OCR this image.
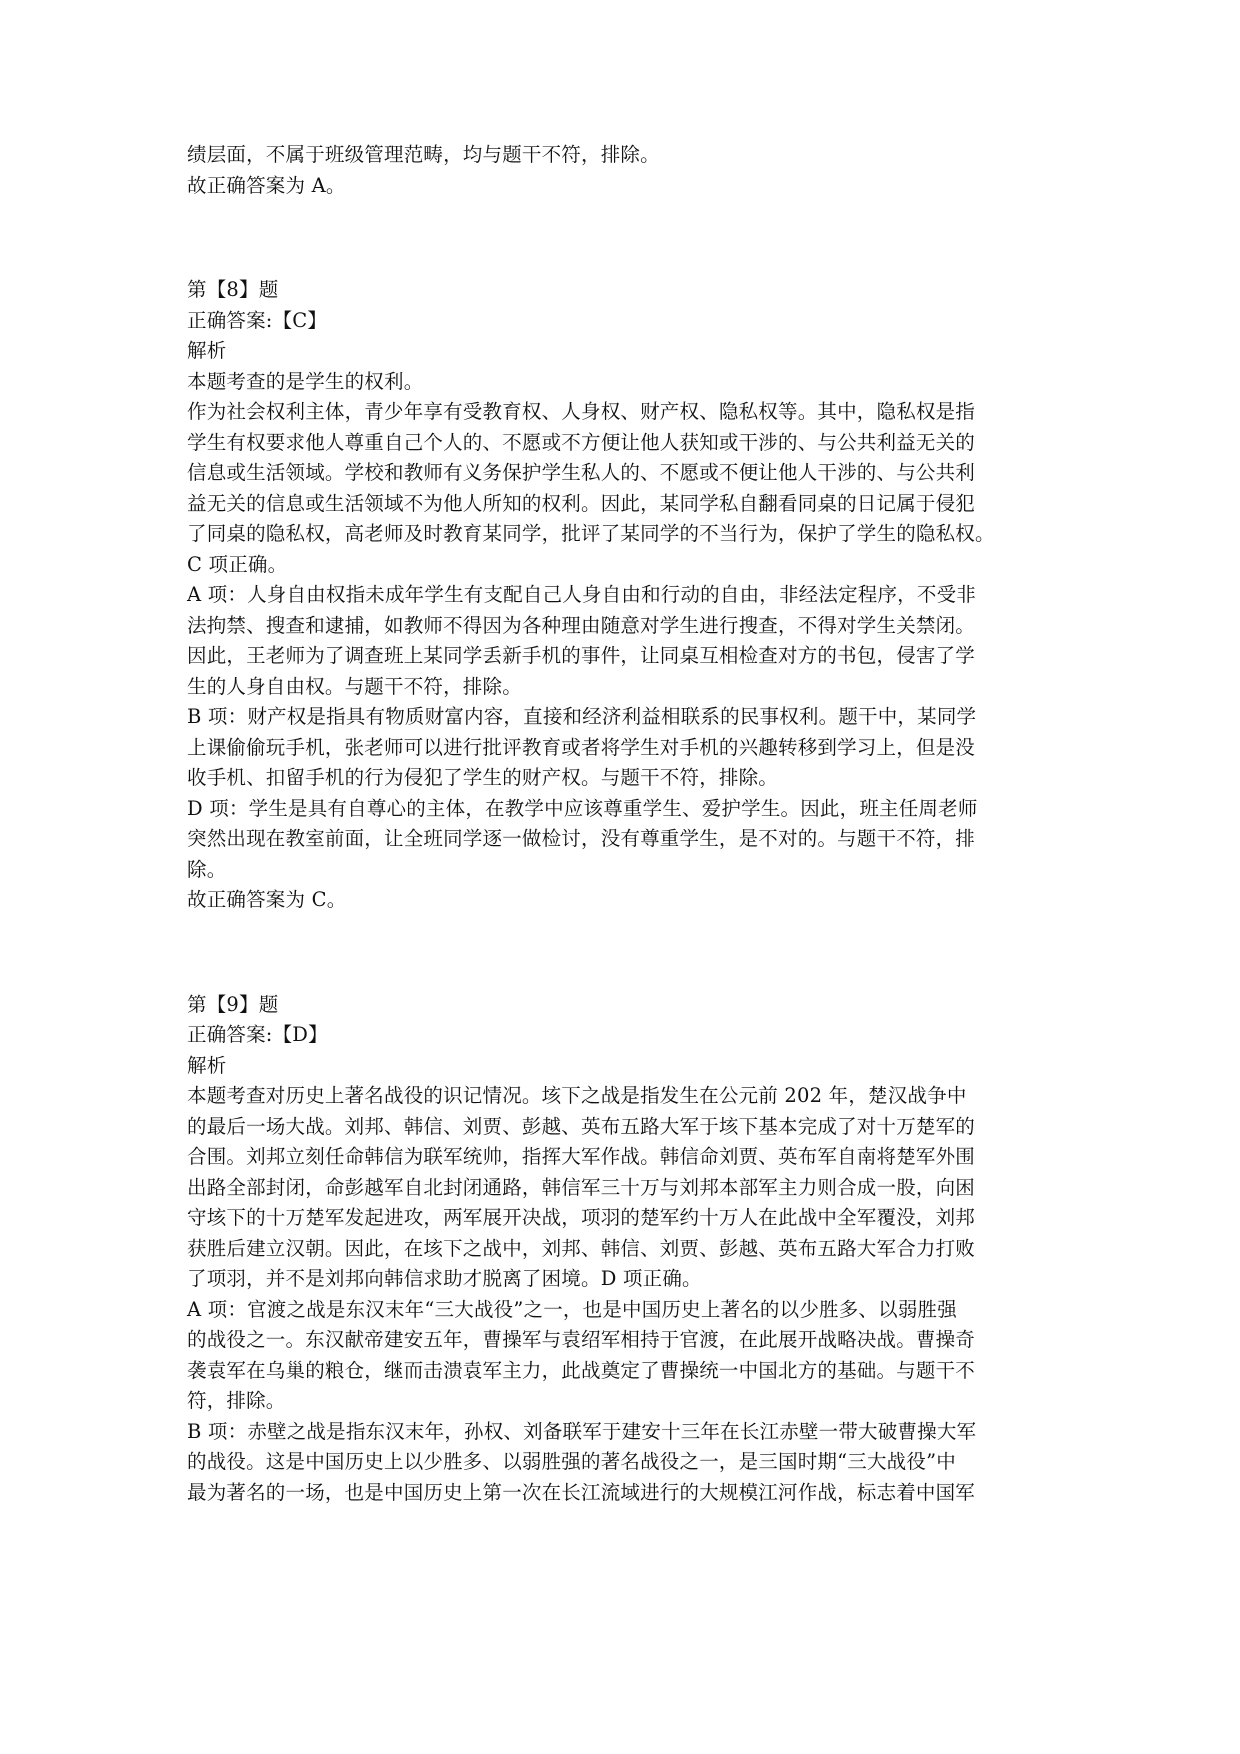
绩层面，不属于班级管理范畴，均与题干不符，排除。
故正确答案为 A。
第【8】题
正确答案:【C】
解析
本题考查的是学生的权利。
作为社会权利主体，青少年享有受教育权、人身权、财产权、隐私权等。其中，隐私权是指
学生有权要求他人尊重自己个人的、不愿或不方便让他人获知或干涉的、与公共利益无关的
信息或生活领域。学校和教师有义务保护学生私人的、不愿或不便让他人干涉的、与公共利
益无关的信息或生活领域不为他人所知的权利。因此，某同学私自翻看同桌的日记属于侵犯
了同桌的隐私权，高老师及时教育某同学，批评了某同学的不当行为，保护了学生的隐私权。
C 项正确。
A 项：人身自由权指未成年学生有支配自己人身自由和行动的自由，非经法定程序，不受非
法拘禁、搜查和逮捕，如教师不得因为各种理由随意对学生进行搜查，不得对学生关禁闭。
因此，王老师为了调查班上某同学丢新手机的事件，让同桌互相检查对方的书包，侵害了学
生的人身自由权。与题干不符，排除。
B 项：财产权是指具有物质财富内容，直接和经济利益相联系的民事权利。题干中，某同学
上课偷偷玩手机，张老师可以进行批评教育或者将学生对手机的兴趣转移到学习上，但是没
收手机、扣留手机的行为侵犯了学生的财产权。与题干不符，排除。
D 项：学生是具有自尊心的主体，在教学中应该尊重学生、爱护学生。因此，班主任周老师
突然出现在教室前面，让全班同学逐一做检讨，没有尊重学生，是不对的。与题干不符，排
除。
故正确答案为 C。
第【9】题
正确答案:【D】
解析
本题考查对历史上著名战役的识记情况。垓下之战是指发生在公元前 202 年，楚汉战争中
的最后一场大战。刘邦、韩信、刘贾、彭越、英布五路大军于垓下基本完成了对十万楚军的
合围。刘邦立刻任命韩信为联军统帅，指挥大军作战。韩信命刘贾、英布军自南将楚军外围
出路全部封闭，命彭越军自北封闭通路，韩信军三十万与刘邦本部军主力则合成一股，向困
守垓下的十万楚军发起进攻，两军展开决战，项羽的楚军约十万人在此战中全军覆没，刘邦
获胜后建立汉朝。因此，在垓下之战中，刘邦、韩信、刘贾、彭越、英布五路大军合力打败
了项羽，并不是刘邦向韩信求助才脱离了困境。D 项正确。
A 项：官渡之战是东汉末年“三大战役”之一，也是中国历史上著名的以少胜多、以弱胜强
的战役之一。东汉献帝建安五年，曹操军与袁绍军相持于官渡，在此展开战略决战。曹操奇
袭袁军在乌巢的粮仓，继而击溃袁军主力，此战奠定了曹操统一中国北方的基础。与题干不
符，排除。
B 项：赤壁之战是指东汉末年，孙权、刘备联军于建安十三年在长江赤壁一带大破曹操大军
的战役。这是中国历史上以少胜多、以弱胜强的著名战役之一，是三国时期“三大战役”中
最为著名的一场，也是中国历史上第一次在长江流域进行的大规模江河作战，标志着中国军
